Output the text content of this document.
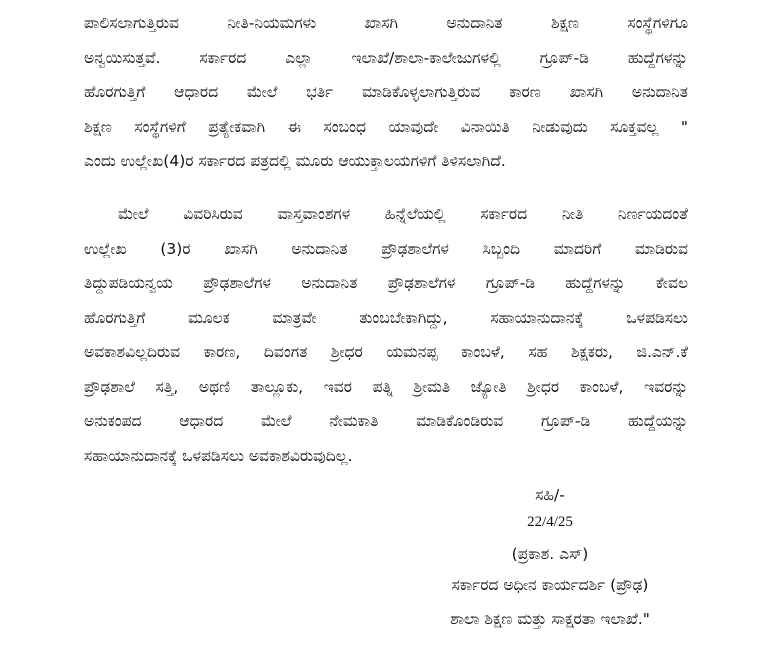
ಪಾಲಿಸಲಾಗುತ್ತಿರುವ ನೀತಿ-ನಿಯಮಗಳು ಖಾಸಗಿ ಅನುದಾನಿತ ಶಿಕ್ಷಣ ಸಂಸ್ಥೆಗಳಿಗೂ
ಅನ್ವಯಿಸುತ್ತವೆ. ಸರ್ಕಾರದ ಎಲ್ಲಾ ಇಲಾಖೆ/ಶಾಲಾ-ಕಾಲೇಜುಗಳಲ್ಲಿ ಗ್ರೂಪ್-ಡಿ ಹುದ್ದೆಗಳನ್ನು
ಹೊರಗುತ್ತಿಗೆ ಆಧಾರದ ಮೇಲೆ ಭರ್ತಿ ಮಾಡಿಕೊಳ್ಳಲಾಗುತ್ತಿರುವ ಕಾರಣ ಖಾಸಗಿ ಅನುದಾನಿತ
ಶಿಕ್ಷಣ ಸಂಸ್ಥೆಗಳಿಗೆ ಪ್ರತ್ಯೇಕವಾಗಿ ಈ ಸಂಬಂಧ ಯಾವುದೇ ವಿನಾಯಿತಿ ನೀಡುವುದು ಸೂಕ್ತವಲ್ಲ "
ಎಂದು ಉಲ್ಲೇಖ(4)ರ ಸರ್ಕಾರದ ಪತ್ರದಲ್ಲಿ ಮೂರು ಆಯುಕ್ತಾಲಯಗಳಿಗೆ ತಿಳಿಸಲಾಗಿದೆ.
ಮೇಲೆ ವಿವರಿಸಿರುವ ವಾಸ್ತವಾಂಶಗಳ ಹಿನ್ನೆಲೆಯಲ್ಲಿ ಸರ್ಕಾರದ ನೀತಿ ನಿರ್ಣಯದಂತೆ
ಉಲ್ಲೇಖ (3)ರ ಖಾಸಗಿ ಅನುದಾನಿತ ಪ್ರೌಢಶಾಲೆಗಳ ಸಿಬ್ಬಂದಿ ಮಾದರಿಗೆ ಮಾಡಿರುವ
ತಿದ್ದುಪಡಿಯನ್ವಯ ಪ್ರೌಢಶಾಲೆಗಳ ಅನುದಾನಿತ ಪ್ರೌಢಶಾಲೆಗಳ ಗ್ರೂಪ್-ಡಿ ಹುದ್ದೆಗಳನ್ನು ಕೇವಲ
ಹೊರಗುತ್ತಿಗೆ ಮೂಲಕ ಮಾತ್ರವೇ ತುಂಬಬೇಕಾಗಿದ್ದು, ಸಹಾಯಾನುದಾನಕ್ಕೆ ಒಳಪಡಿಸಲು
ಅವಕಾಶವಿಲ್ಲದಿರುವ ಕಾರಣ, ದಿವಂಗತ ಶ್ರೀಧರ ಯಮನಪ್ಪ ಕಾಂಬಳೆ, ಸಹ ಶಿಕ್ಷಕರು, ಜಿ.ಎನ್.ಕೆ
ಪ್ರೌಢಶಾಲೆ ಸತ್ತಿ, ಅಥಣಿ ತಾಲ್ಲೂಕು, ಇವರ ಪತ್ನಿ ಶ್ರೀಮತಿ ಜ್ಯೋತಿ ಶ್ರೀಧರ ಕಾಂಬಳೆ, ಇವರನ್ನು
ಅನುಕಂಪದ ಆಧಾರದ ಮೇಲೆ ನೇಮಕಾತಿ ಮಾಡಿಕೊಂಡಿರುವ ಗ್ರೂಪ್-ಡಿ ಹುದ್ದೆಯನ್ನು
ಸಹಾಯಾನುದಾನಕ್ಕೆ ಒಳಪಡಿಸಲು ಅವಕಾಶವಿರುವುದಿಲ್ಲ.
ಸಹಿ/-
22/4/25
(ಪ್ರಕಾಶ. ಎಸ್)
ಸರ್ಕಾರದ ಅಧೀನ ಕಾರ್ಯದರ್ಶಿ (ಪ್ರೌಢ)
ಶಾಲಾ ಶಿಕ್ಷಣ ಮತ್ತು ಸಾಕ್ಷರತಾ ಇಲಾಖೆ."
